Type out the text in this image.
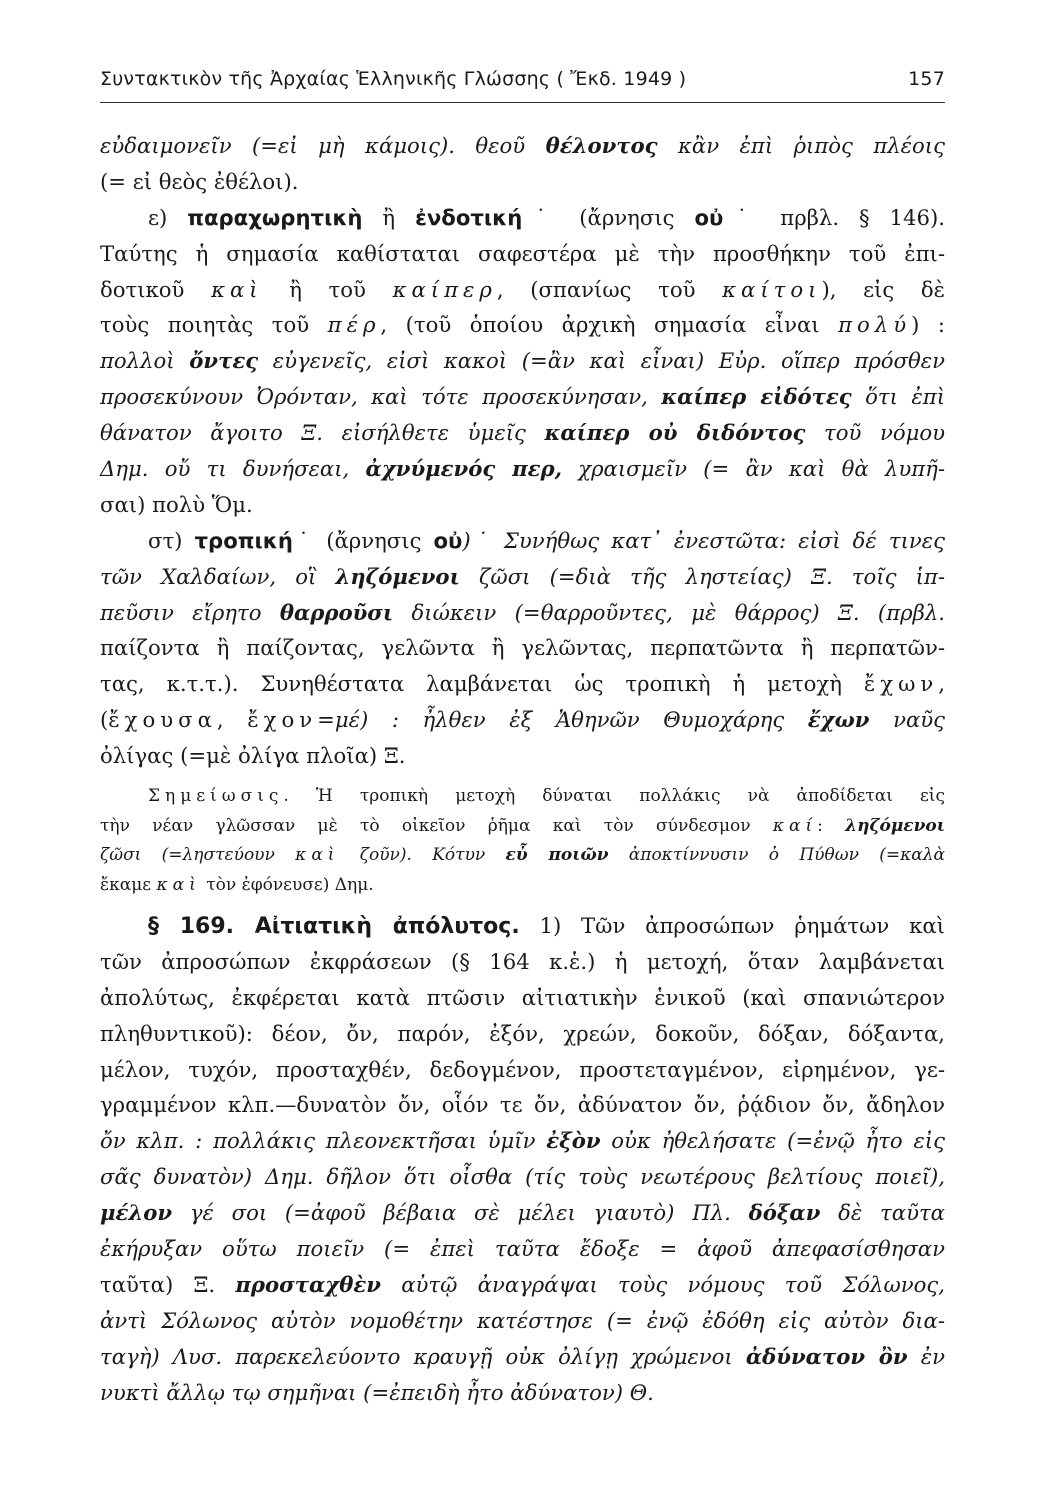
Συντακτικὸν τῆς Ἀρχαίας Ἑλληνικῆς Γλώσσης ( Ἔκδ. 1949 )	157
εὐδαιμονεῖν (=εἰ μὴ κάμοις). θεοῦ θέλοντος κἂν ἐπὶ ῥιπὸς πλέοις
(= εἰ θεὸς ἐθέλοι).
ε) παραχωρητικὴ ἢ ἐνδοτική˙ (ἄρνησις οὐ˙ πρβλ. § 146).
Ταύτης ἡ σημασία καθίσταται σαφεστέρα μὲ τὴν προσθήκην τοῦ ἐπι-
δοτικοῦ καὶ ἢ τοῦ καίπερ, (σπανίως τοῦ καίτοι), εἰς δὲ
τοὺς ποιητὰς τοῦ πέρ, (τοῦ ὁποίου ἀρχικὴ σημασία εἶναι πολύ) :
πολλοὶ ὄντες εὐγενεῖς, εἰσὶ κακοὶ (=ἂν καὶ εἶναι) Εὐρ. οἵπερ πρόσθεν
προσεκύνουν Ὀρόνταν, καὶ τότε προσεκύνησαν, καίπερ εἰδότες ὅτι ἐπὶ
θάνατον ἄγοιτο Ξ. εἰσήλθετε ὑμεῖς καίπερ οὐ διδόντος τοῦ νόμου
Δημ. οὔ τι δυνήσεαι, ἀχνύμενός περ, χραισμεῖν (= ἂν καὶ θὰ λυπῆ-
σαι) πολὺ Ὅμ.
στ) τροπική˙ (ἄρνησις οὐ)˙ Συνήθως κατ᾽ ἐνεστῶτα: εἰσὶ δέ τινες
τῶν Χαλδαίων, οἳ ληζόμενοι ζῶσι (=διὰ τῆς ληστείας) Ξ. τοῖς ἱπ-
πεῦσιν εἴρητο θαρροῦσι διώκειν (=θαρροῦντες, μὲ θάρρος) Ξ. (πρβλ.
παίζοντα ἢ παίζοντας, γελῶντα ἢ γελῶντας, περπατῶντα ἢ περπατῶν-
τας, κ.τ.τ.). Συνηθέστατα λαμβάνεται ὡς τροπικὴ ἡ μετοχὴ ἔχων,
(ἔχουσα, ἔχον=μέ) : ἦλθεν ἐξ Ἀθηνῶν Θυμοχάρης ἔχων ναῦς
ὀλίγας (=μὲ ὀλίγα πλοῖα) Ξ.
Σημείωσις. Ἡ τροπικὴ μετοχὴ δύναται πολλάκις νὰ ἀποδίδεται εἰς
τὴν νέαν γλῶσσαν μὲ τὸ οἰκεῖον ῥῆμα καὶ τὸν σύνδεσμον καί: ληζόμενοι
ζῶσι (=ληστεύουν καὶ ζοῦν). Κότυν εὖ ποιῶν ἀποκτίννυσιν ὁ Πύθων (=καλὰ
ἔκαμε καὶ τὸν ἐφόνευσε) Δημ.
§ 169. Αἰτιατικὴ ἀπόλυτος. 1) Τῶν ἀπροσώπων ῥημάτων καὶ
τῶν ἀπροσώπων ἐκφράσεων (§ 164 κ.ἑ.) ἡ μετοχή, ὅταν λαμβάνεται
ἀπολύτως, ἐκφέρεται κατὰ πτῶσιν αἰτιατικὴν ἑνικοῦ (καὶ σπανιώτερον
πληθυντικοῦ): δέον, ὄν, παρόν, ἐξόν, χρεών, δοκοῦν, δόξαν, δόξαντα,
μέλον, τυχόν, προσταχθέν, δεδογμένον, προστεταγμένον, εἰρημένον, γε-
γραμμένον κλπ.—δυνατὸν ὄν, οἷόν τε ὄν, ἀδύνατον ὄν, ῥᾴδιον ὄν, ἄδηλον
ὄν κλπ. : πολλάκις πλεονεκτῆσαι ὑμῖν ἐξὸν οὐκ ἠθελήσατε (=ἐνῷ ἦτο εἰς
σᾶς δυνατὸν) Δημ. δῆλον ὅτι οἶσθα (τίς τοὺς νεωτέρους βελτίους ποιεῖ),
μέλον γέ σοι (=ἀφοῦ βέβαια σὲ μέλει γιαυτὸ) Πλ. δόξαν δὲ ταῦτα
ἐκήρυξαν οὕτω ποιεῖν (= ἐπεὶ ταῦτα ἔδοξε = ἀφοῦ ἀπεφασίσθησαν
ταῦτα) Ξ. προσταχθὲν αὐτῷ ἀναγράψαι τοὺς νόμους τοῦ Σόλωνος,
ἀντὶ Σόλωνος αὐτὸν νομοθέτην κατέστησε (= ἐνῷ ἐδόθη εἰς αὐτὸν δια-
ταγὴ) Λυσ. παρεκελεύοντο κραυγῇ οὐκ ὀλίγῃ χρώμενοι ἀδύνατον ὂν ἐν
νυκτὶ ἄλλῳ τῳ σημῆναι (=ἐπειδὴ ἦτο ἀδύνατον) Θ.
